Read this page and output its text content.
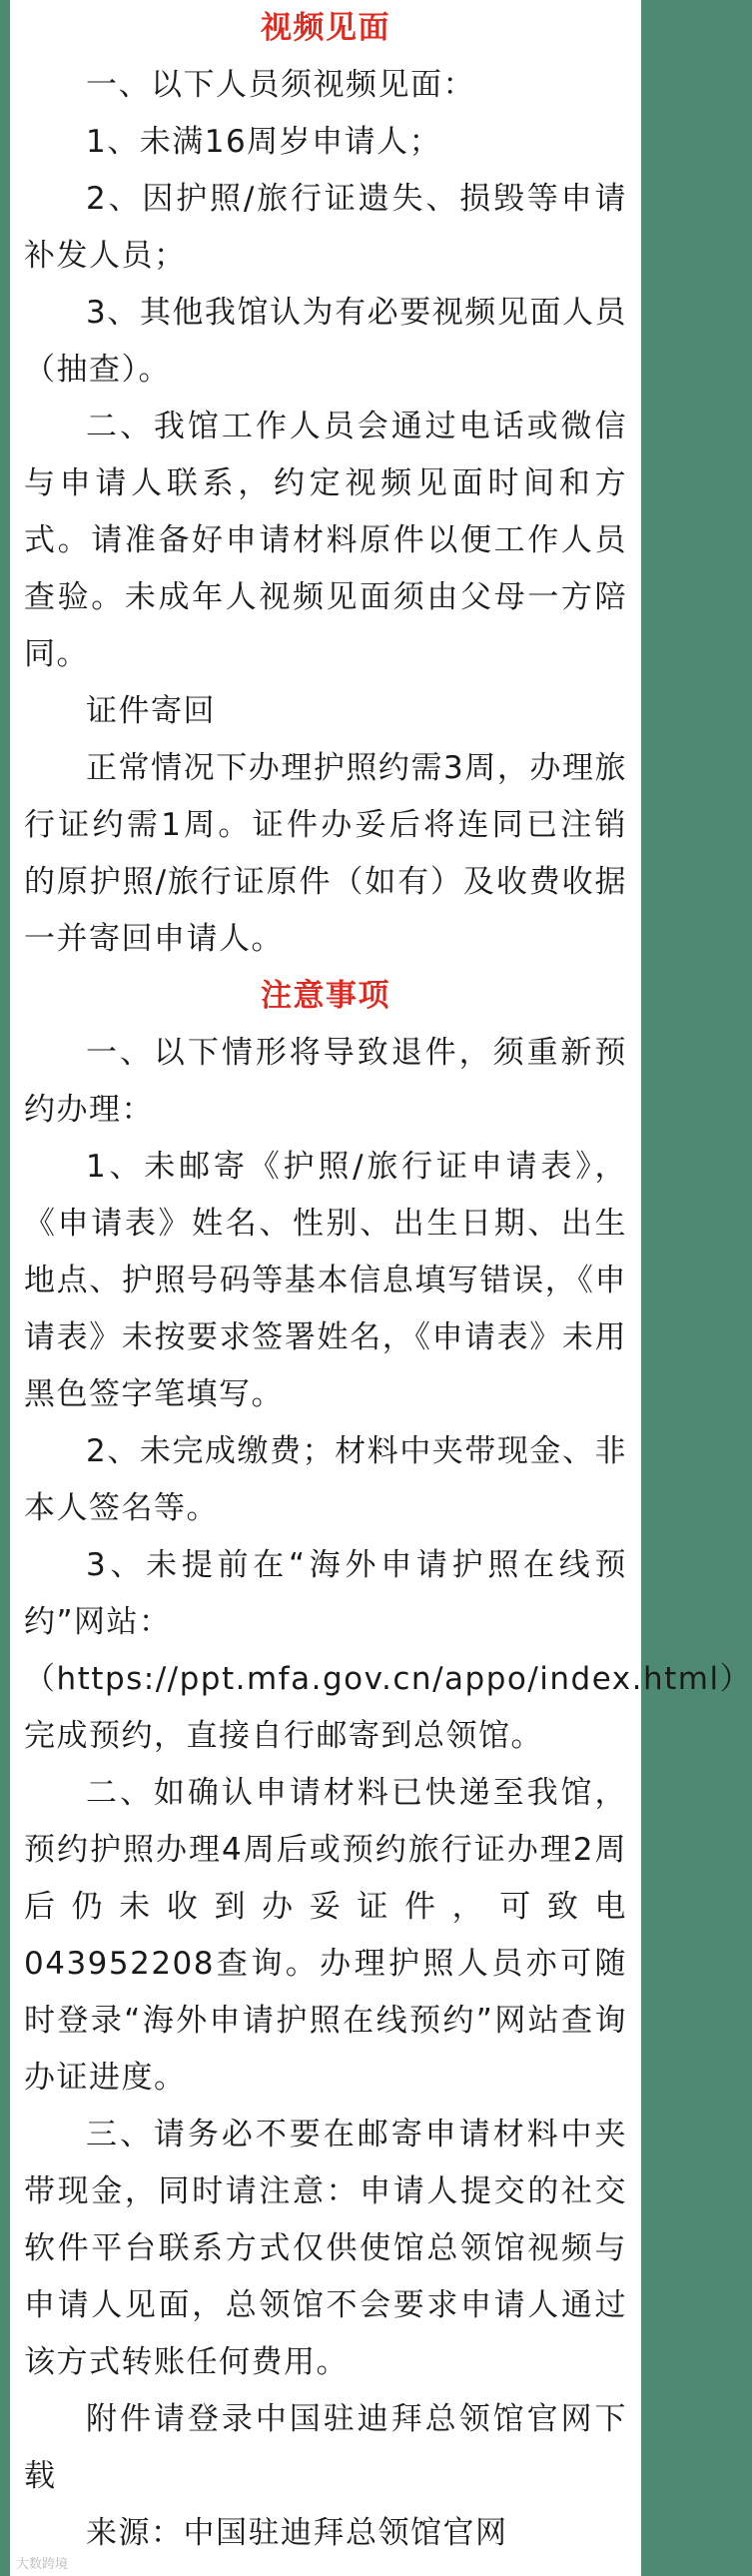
视频见面

一、以下人员须视频见面：

1、未满16周岁申请人；

2、因护照/旅行证遗失、损毁等申请补发人员；

3、其他我馆认为有必要视频见面人员（抽查）。

二、我馆工作人员会通过电话或微信与申请人联系，约定视频见面时间和方式。请准备好申请材料原件以便工作人员查验。未成年人视频见面须由父母一方陪同。

证件寄回

正常情况下办理护照约需3周，办理旅行证约需1周。证件办妥后将连同已注销的原护照/旅行证原件（如有）及收费收据一并寄回申请人。

注意事项

一、以下情形将导致退件，须重新预约办理：

1、未邮寄《护照/旅行证申请表》，《申请表》姓名、性别、出生日期、出生地点、护照号码等基本信息填写错误，《申请表》未按要求签署姓名，《申请表》未用黑色签字笔填写。

2、未完成缴费；材料中夹带现金、非本人签名等。

3、未提前在“海外申请护照在线预约”网站：

（https://ppt.mfa.gov.cn/appo/index.html）完成预约，直接自行邮寄到总领馆。

二、如确认申请材料已快递至我馆，预约护照办理4周后或预约旅行证办理2周后仍未收到办妥证件，可致电043952208查询。办理护照人员亦可随时登录“海外申请护照在线预约”网站查询办证进度。

三、请务必不要在邮寄申请材料中夹带现金，同时请注意：申请人提交的社交软件平台联系方式仅供使馆总领馆视频与申请人见面，总领馆不会要求申请人通过该方式转账任何费用。

附件请登录中国驻迪拜总领馆官网下载

来源：中国驻迪拜总领馆官网

大数跨境
